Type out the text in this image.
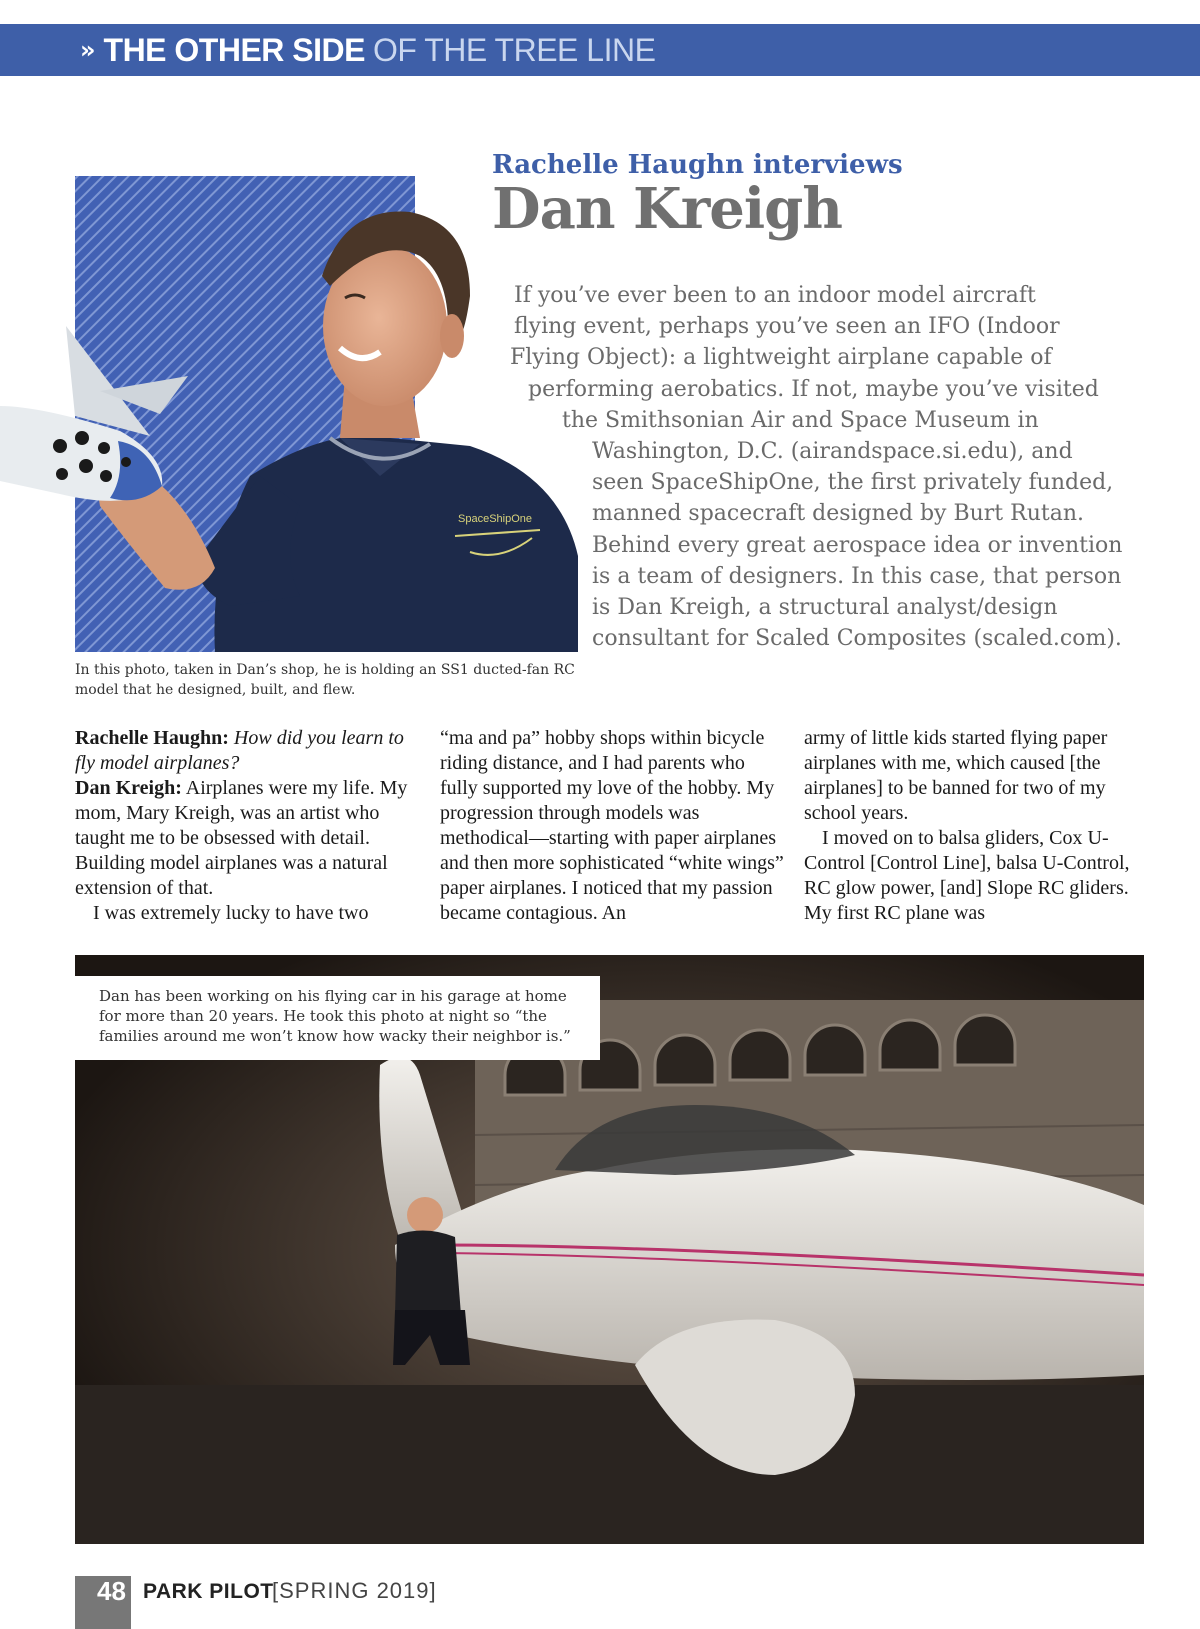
» THE OTHER SIDE OF THE TREE LINE
Rachelle Haughn interviews
Dan Kreigh
SpaceShipOne
In this photo, taken in Dan’s shop, he is holding an SS1 ducted-fan RC model that he designed, built, and flew.
If you’ve ever been to an indoor model aircraft
flying event, perhaps you’ve seen an IFO (Indoor
Flying Object): a lightweight airplane capable of
performing aerobatics. If not, maybe you’ve visited
the Smithsonian Air and Space Museum in
Washington, D.C. (airandspace.si.edu), and
seen SpaceShipOne, the first privately funded,
manned spacecraft designed by Burt Rutan.
Behind every great aerospace idea or invention
is a team of designers. In this case, that person
is Dan Kreigh, a structural analyst/design
consultant for Scaled Composites (scaled.com).

Rachelle Haughn: How did you learn to fly model airplanes?

Dan Kreigh: Airplanes were my life. My mom, Mary Kreigh, was an artist who taught me to be obsessed with detail. Building model airplanes was a natural extension of that.

I was extremely lucky to have two

“ma and pa” hobby shops within bicycle riding distance, and I had parents who fully supported my love of the hobby. My progression through models was methodical—starting with paper airplanes and then more sophisticated “white wings” paper airplanes. I noticed that my passion became contagious. An

army of little kids started flying paper airplanes with me, which caused [the airplanes] to be banned for two of my school years.

I moved on to balsa gliders, Cox U-Control [Control Line], balsa U-Control, RC glow power, [and] Slope RC gliders. My first RC plane was

Dan has been working on his flying car in his garage at home for more than 20 years. He took this photo at night so “the families around me won’t know how wacky their neighbor is.”
48 PARK PILOT
[SPRING 2019]
